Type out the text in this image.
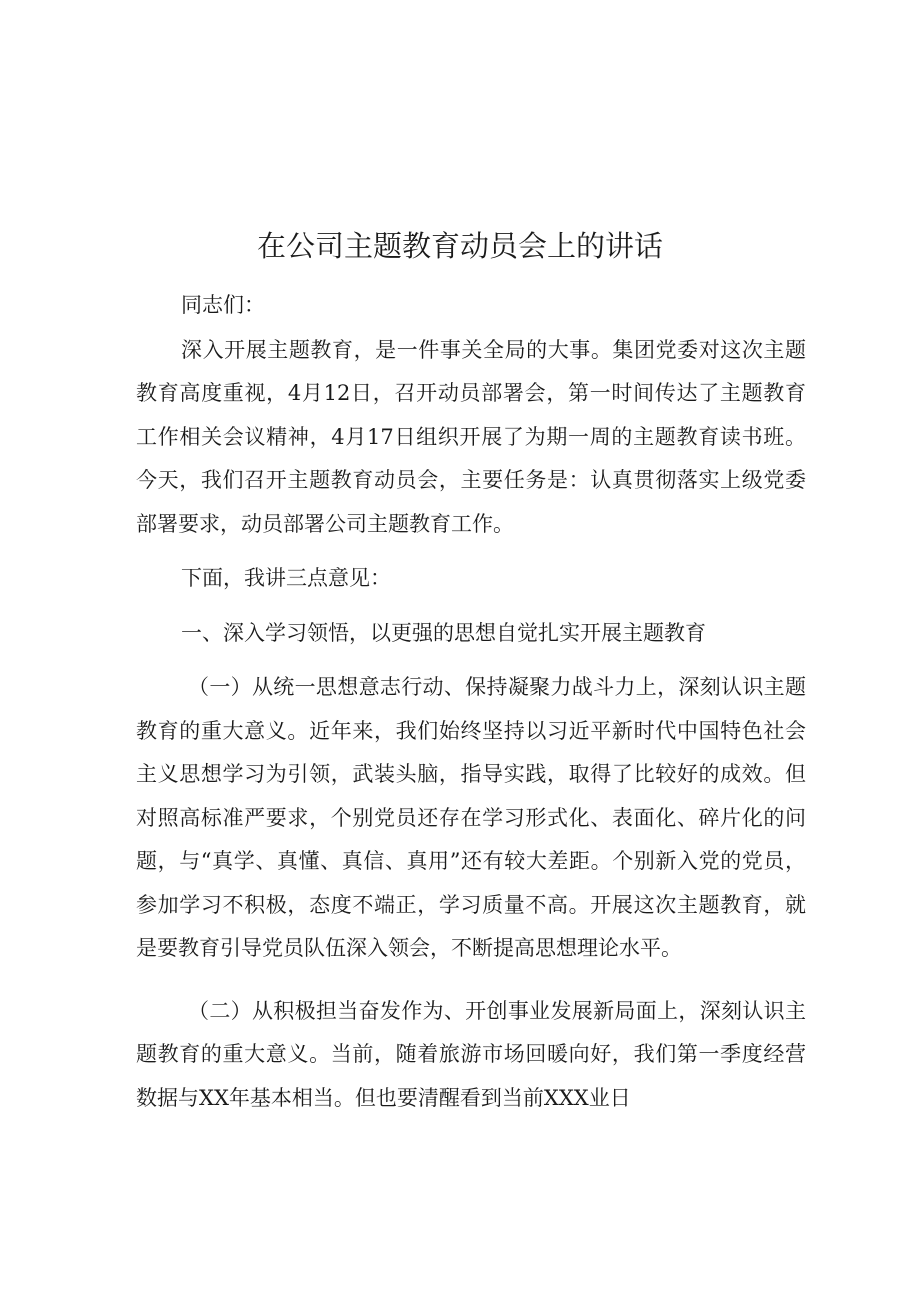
在公司主题教育动员会上的讲话

同志们：

深入开展主题教育，是一件事关全局的大事。集团党委对这次主题教育高度重视，4月12日，召开动员部署会，第一时间传达了主题教育工作相关会议精神，4月17日组织开展了为期一周的主题教育读书班。今天，我们召开主题教育动员会，主要任务是：认真贯彻落实上级党委部署要求，动员部署公司主题教育工作。

下面，我讲三点意见：

一、深入学习领悟，以更强的思想自觉扎实开展主题教育

（一）从统一思想意志行动、保持凝聚力战斗力上，深刻认识主题教育的重大意义。近年来，我们始终坚持以习近平新时代中国特色社会主义思想学习为引领，武装头脑，指导实践，取得了比较好的成效。但对照高标准严要求，个别党员还存在学习形式化、表面化、碎片化的问题，与“真学、真懂、真信、真用”还有较大差距。个别新入党的党员，参加学习不积极，态度不端正，学习质量不高。开展这次主题教育，就是要教育引导党员队伍深入领会，不断提高思想理论水平。

（二）从积极担当奋发作为、开创事业发展新局面上，深刻认识主题教育的重大意义。当前，随着旅游市场回暖向好，我们第一季度经营数据与XX年基本相当。但也要清醒看到当前XXX业日
